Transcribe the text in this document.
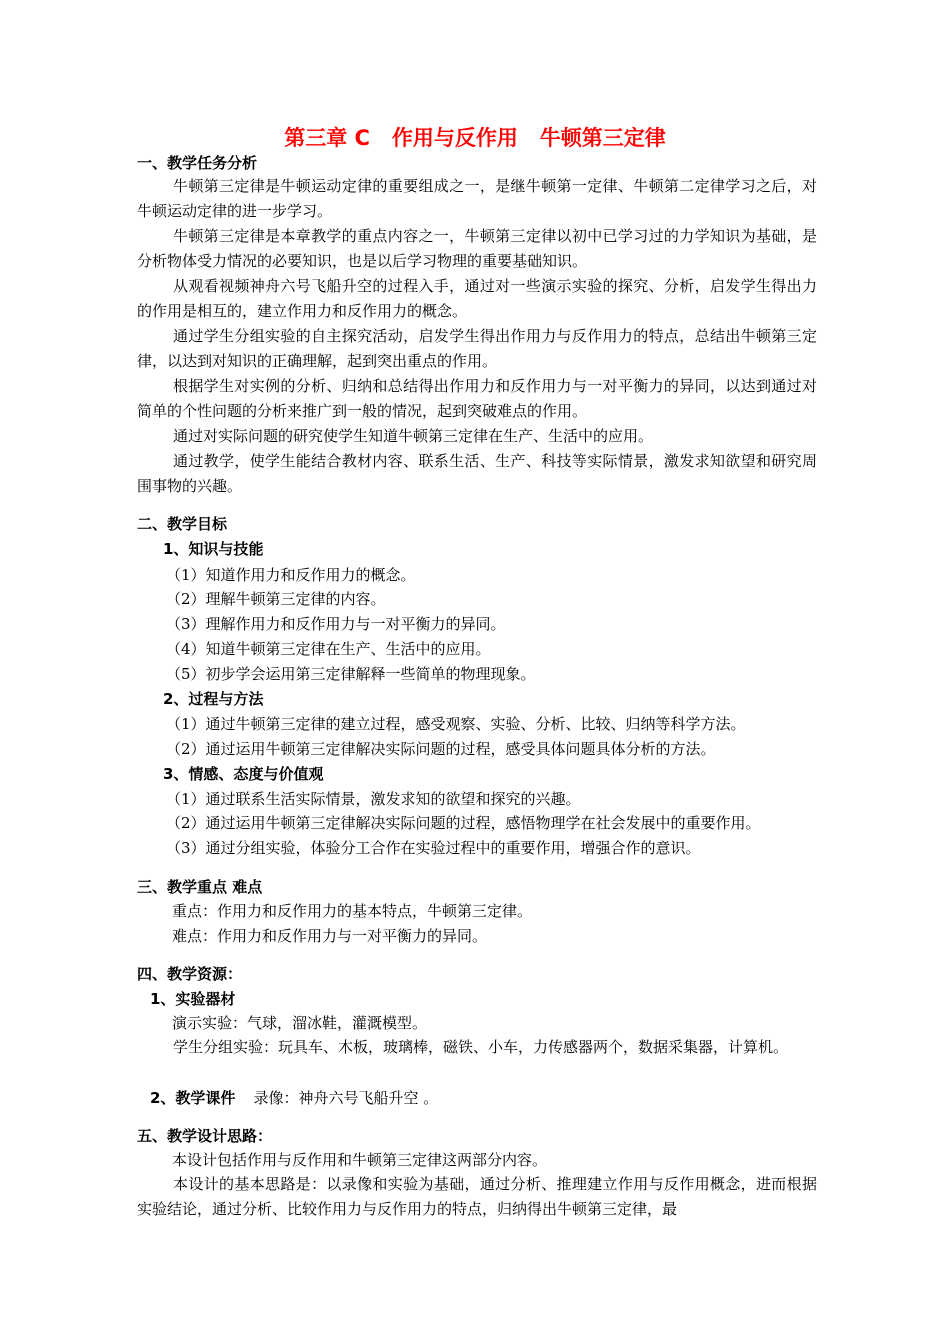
第三章 C   作用与反作用   牛顿第三定律
一、教学任务分析
牛顿第三定律是牛顿运动定律的重要组成之一，是继牛顿第一定律、牛顿第二定律学习之后，对牛顿运动定律的进一步学习。
牛顿第三定律是本章教学的重点内容之一，牛顿第三定律以初中已学习过的力学知识为基础，是分析物体受力情况的必要知识，也是以后学习物理的重要基础知识。
从观看视频神舟六号飞船升空的过程入手，通过对一些演示实验的探究、分析，启发学生得出力的作用是相互的，建立作用力和反作用力的概念。
通过学生分组实验的自主探究活动，启发学生得出作用力与反作用力的特点，总结出牛顿第三定律，以达到对知识的正确理解，起到突出重点的作用。
根据学生对实例的分析、归纳和总结得出作用力和反作用力与一对平衡力的异同，以达到通过对简单的个性问题的分析来推广到一般的情况，起到突破难点的作用。
通过对实际问题的研究使学生知道牛顿第三定律在生产、生活中的应用。
通过教学，使学生能结合教材内容、联系生活、生产、科技等实际情景，激发求知欲望和研究周围事物的兴趣。
二、教学目标
1、知识与技能
（1）知道作用力和反作用力的概念。
（2）理解牛顿第三定律的内容。
（3）理解作用力和反作用力与一对平衡力的异同。
（4）知道牛顿第三定律在生产、生活中的应用。
（5）初步学会运用第三定律解释一些简单的物理现象。
2、过程与方法
（1）通过牛顿第三定律的建立过程，感受观察、实验、分析、比较、归纳等科学方法。
（2）通过运用牛顿第三定律解决实际问题的过程，感受具体问题具体分析的方法。
3、情感、态度与价值观
（1）通过联系生活实际情景，激发求知的欲望和探究的兴趣。
（2）通过运用牛顿第三定律解决实际问题的过程，感悟物理学在社会发展中的重要作用。
（3）通过分组实验，体验分工合作在实验过程中的重要作用，增强合作的意识。
三、教学重点 难点
重点：作用力和反作用力的基本特点，牛顿第三定律。
难点：作用力和反作用力与一对平衡力的异同。
四、教学资源：
1、实验器材
演示实验：气球，溜冰鞋，灌溉模型。
学生分组实验：玩具车、木板，玻璃棒，磁铁、小车，力传感器两个，数据采集器，计算机。
2、教学课件 录像：神舟六号飞船升空 。
五、教学设计思路：
本设计包括作用与反作用和牛顿第三定律这两部分内容。
本设计的基本思路是：以录像和实验为基础，通过分析、推理建立作用与反作用概念，进而根据实验结论，通过分析、比较作用力与反作用力的特点，归纳得出牛顿第三定律，最
